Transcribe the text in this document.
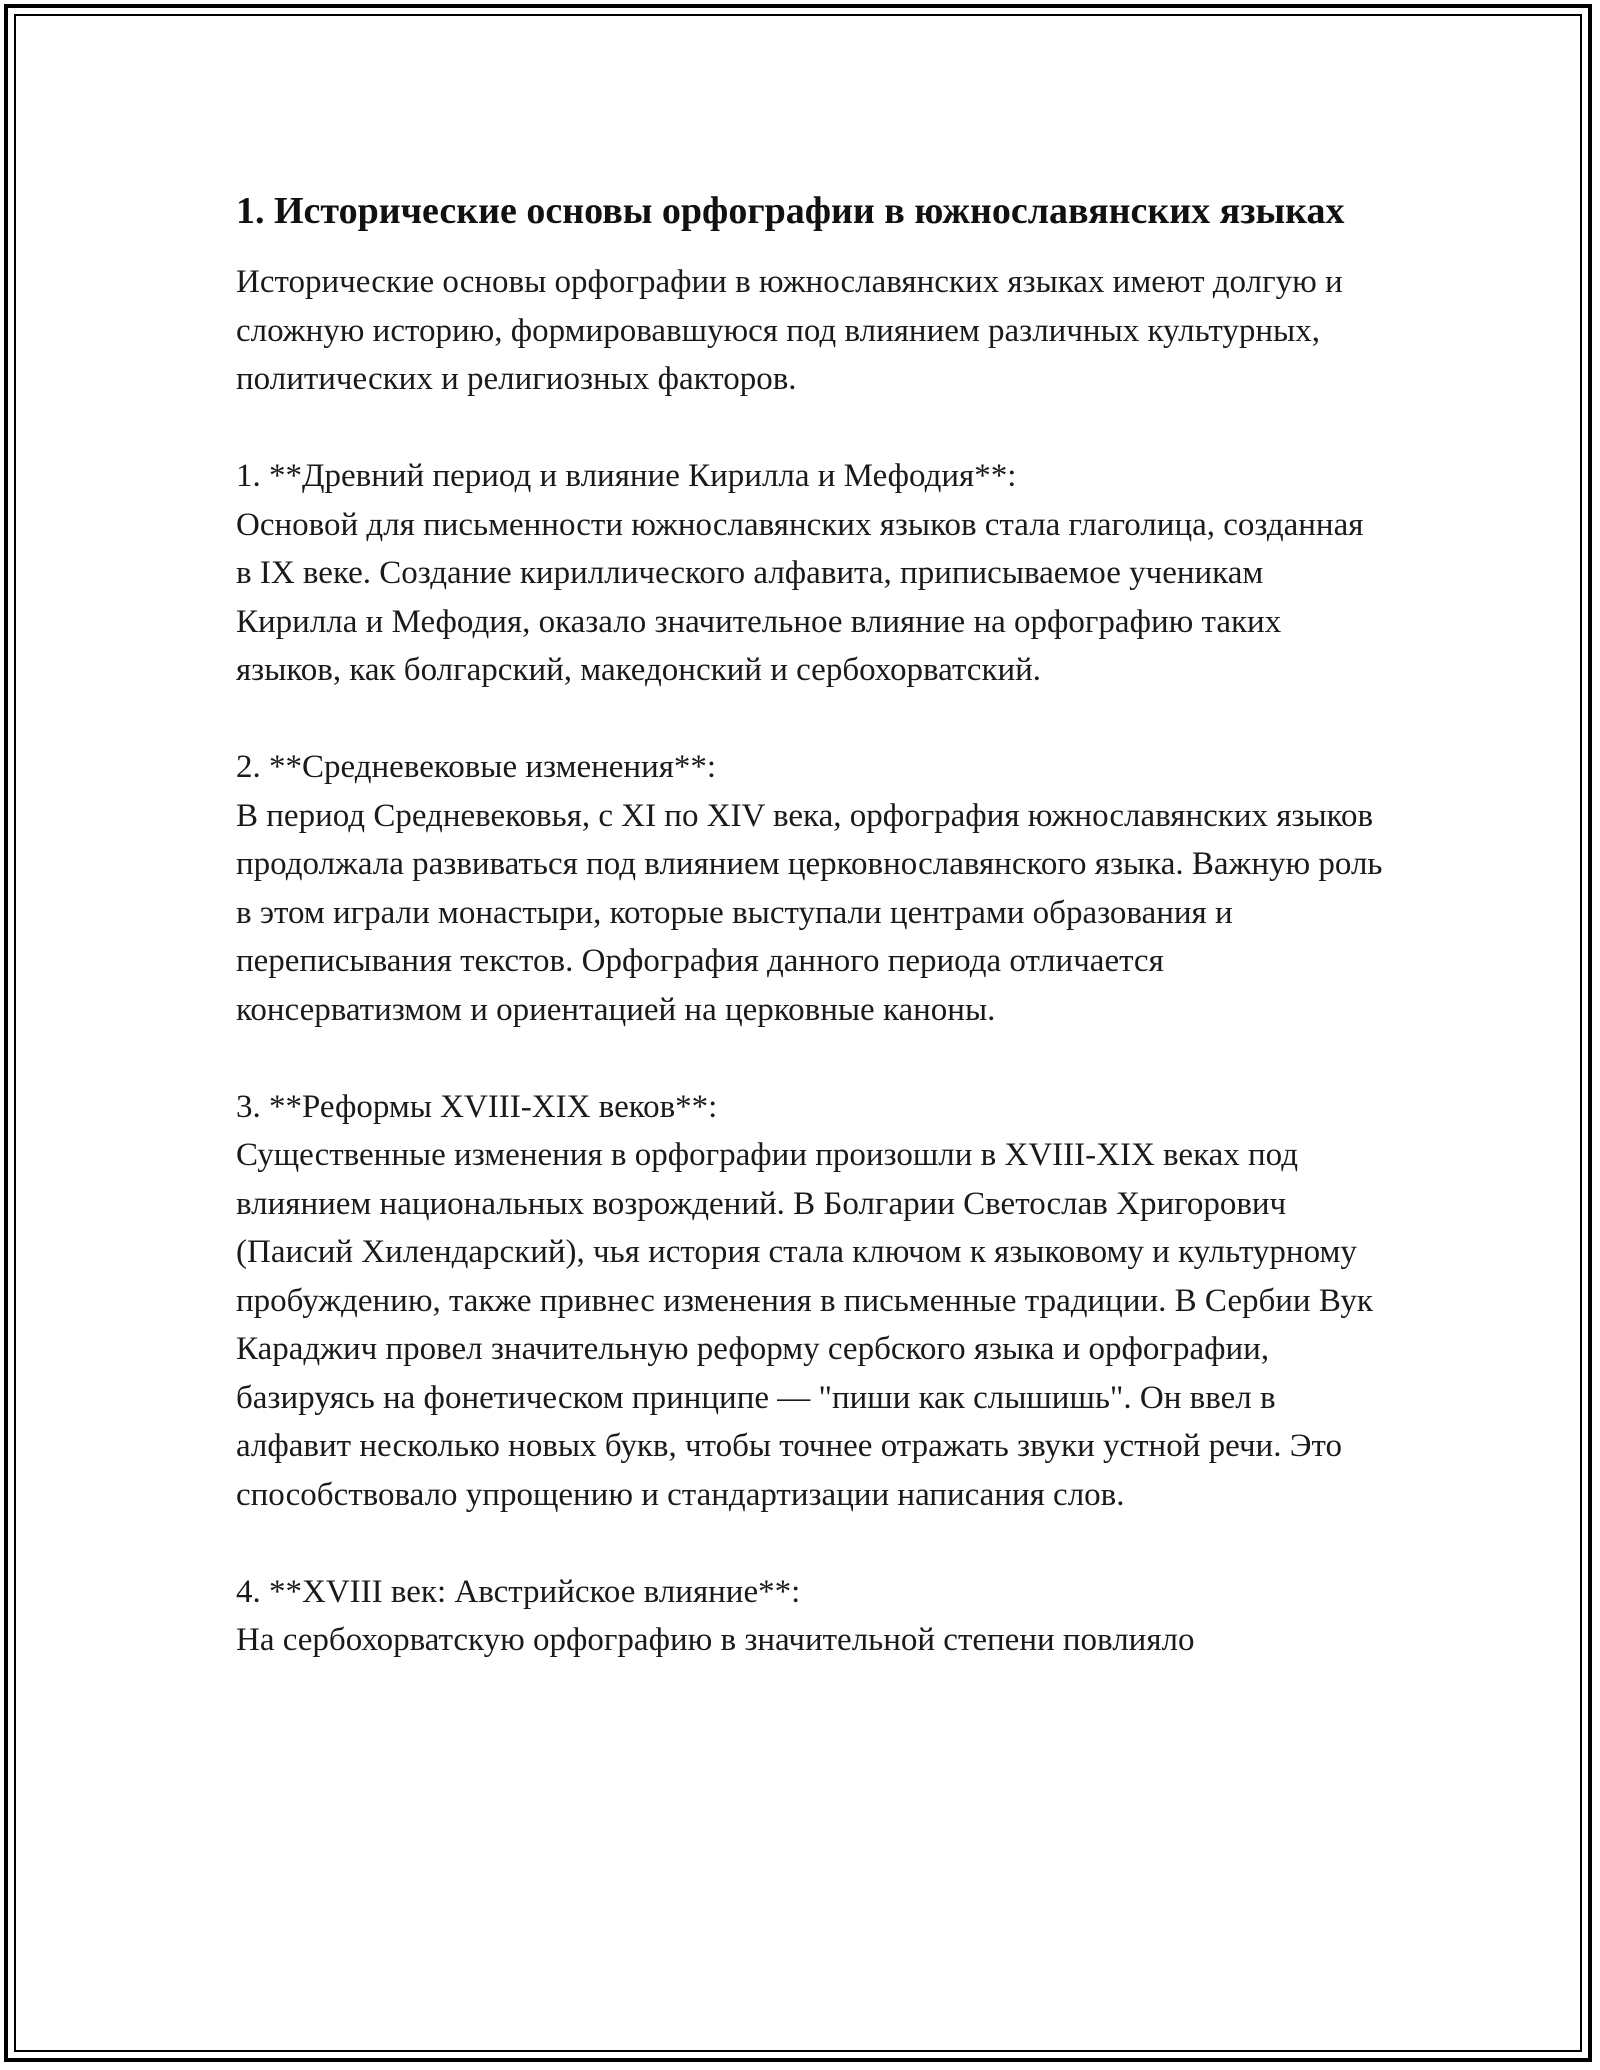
1. Исторические основы орфографии в южнославянских языках

Исторические основы орфографии в южнославянских языках имеют долгую и сложную историю, формировавшуюся под влиянием различных культурных, политических и религиозных факторов.

1. **Древний период и влияние Кирилла и Мефодия**:

Основой для письменности южнославянских языков стала глаголица, созданная в IX веке. Создание кириллического алфавита, приписываемое ученикам Кирилла и Мефодия, оказало значительное влияние на орфографию таких языков, как болгарский, македонский и сербохорватский.

2. **Средневековые изменения**:

В период Средневековья, с XI по XIV века, орфография южнославянских языков продолжала развиваться под влиянием церковнославянского языка. Важную роль в этом играли монастыри, которые выступали центрами образования и переписывания текстов. Орфография данного периода отличается консерватизмом и ориентацией на церковные каноны.

3. **Реформы XVIII-XIX веков**:

Существенные изменения в орфографии произошли в XVIII-XIX веках под влиянием национальных возрождений. В Болгарии Светослав Хригорович (Паисий Хилендарский), чья история стала ключом к языковому и культурному пробуждению, также привнес изменения в письменные традиции. В Сербии Вук Караджич провел значительную реформу сербского языка и орфографии, базируясь на фонетическом принципе — "пиши как слышишь". Он ввел в алфавит несколько новых букв, чтобы точнее отражать звуки устной речи. Это способствовало упрощению и стандартизации написания слов.

4. **XVIII век: Австрийское влияние**:

На сербохорватскую орфографию в значительной степени повлияло
